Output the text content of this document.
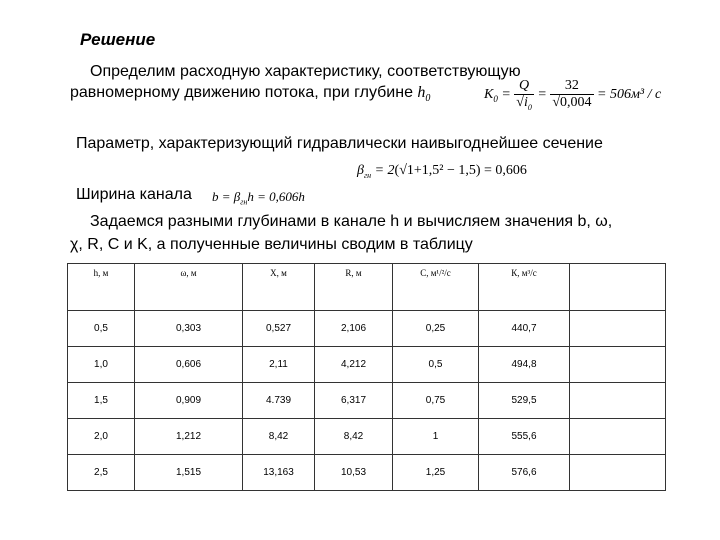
Решение
Определим расходную характеристику, соответствующую
равномерному движению потока, при глубине $h_0$	$K_0 = \frac{Q}{√i_0} = \frac{32}{√0,004} = 506м^3 / с$
Параметр, характеризующий гидравлически наивыгоднейшее сечение
$\beta_{гн} = 2(√1+1,5^2 - 1,5) = 0,606$
Ширина канала $b = \beta_{гн}h = 0,606h$
Задаемся разными глубинами в канале h и вычисляем значения b, ω,
χ, R, C и K, а полученные величины сводим в таблицу
h, м	ω, м	Χ, м	R, м	С, м¹/²/с	К, м³/с	
0,5	0,303	0,527	2,106	0,25	440,7	
1,0	0,606	2,11	4,212	0,5	494,8	
1,5	0,909	4.739	6,317	0,75	529,5	
2,0	1,212	8,42	8,42	1	555,6	
2,5	1,515	13,163	10,53	1,25	576,6	
